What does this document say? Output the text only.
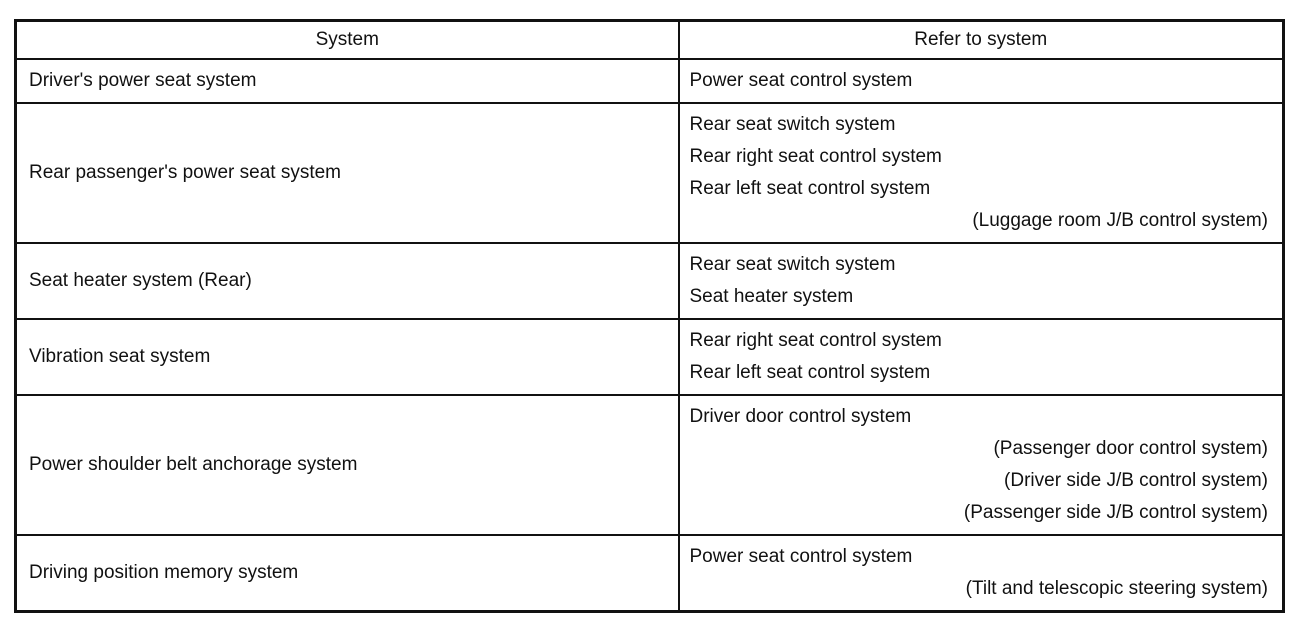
System	Refer to system
Driver's power seat system	Power seat control system

Rear passenger's power seat system	Rear seat switch system
Rear right seat control system
Rear left seat control system
(Luggage room J/B control system)

Seat heater system (Rear)	Rear seat switch system
Seat heater system

Vibration seat system	Rear right seat control system
Rear left seat control system

Power shoulder belt anchorage system	Driver door control system
(Passenger door control system)
(Driver side J/B control system)
(Passenger side J/B control system)

Driving position memory system	Power seat control system
(Tilt and telescopic steering system)
